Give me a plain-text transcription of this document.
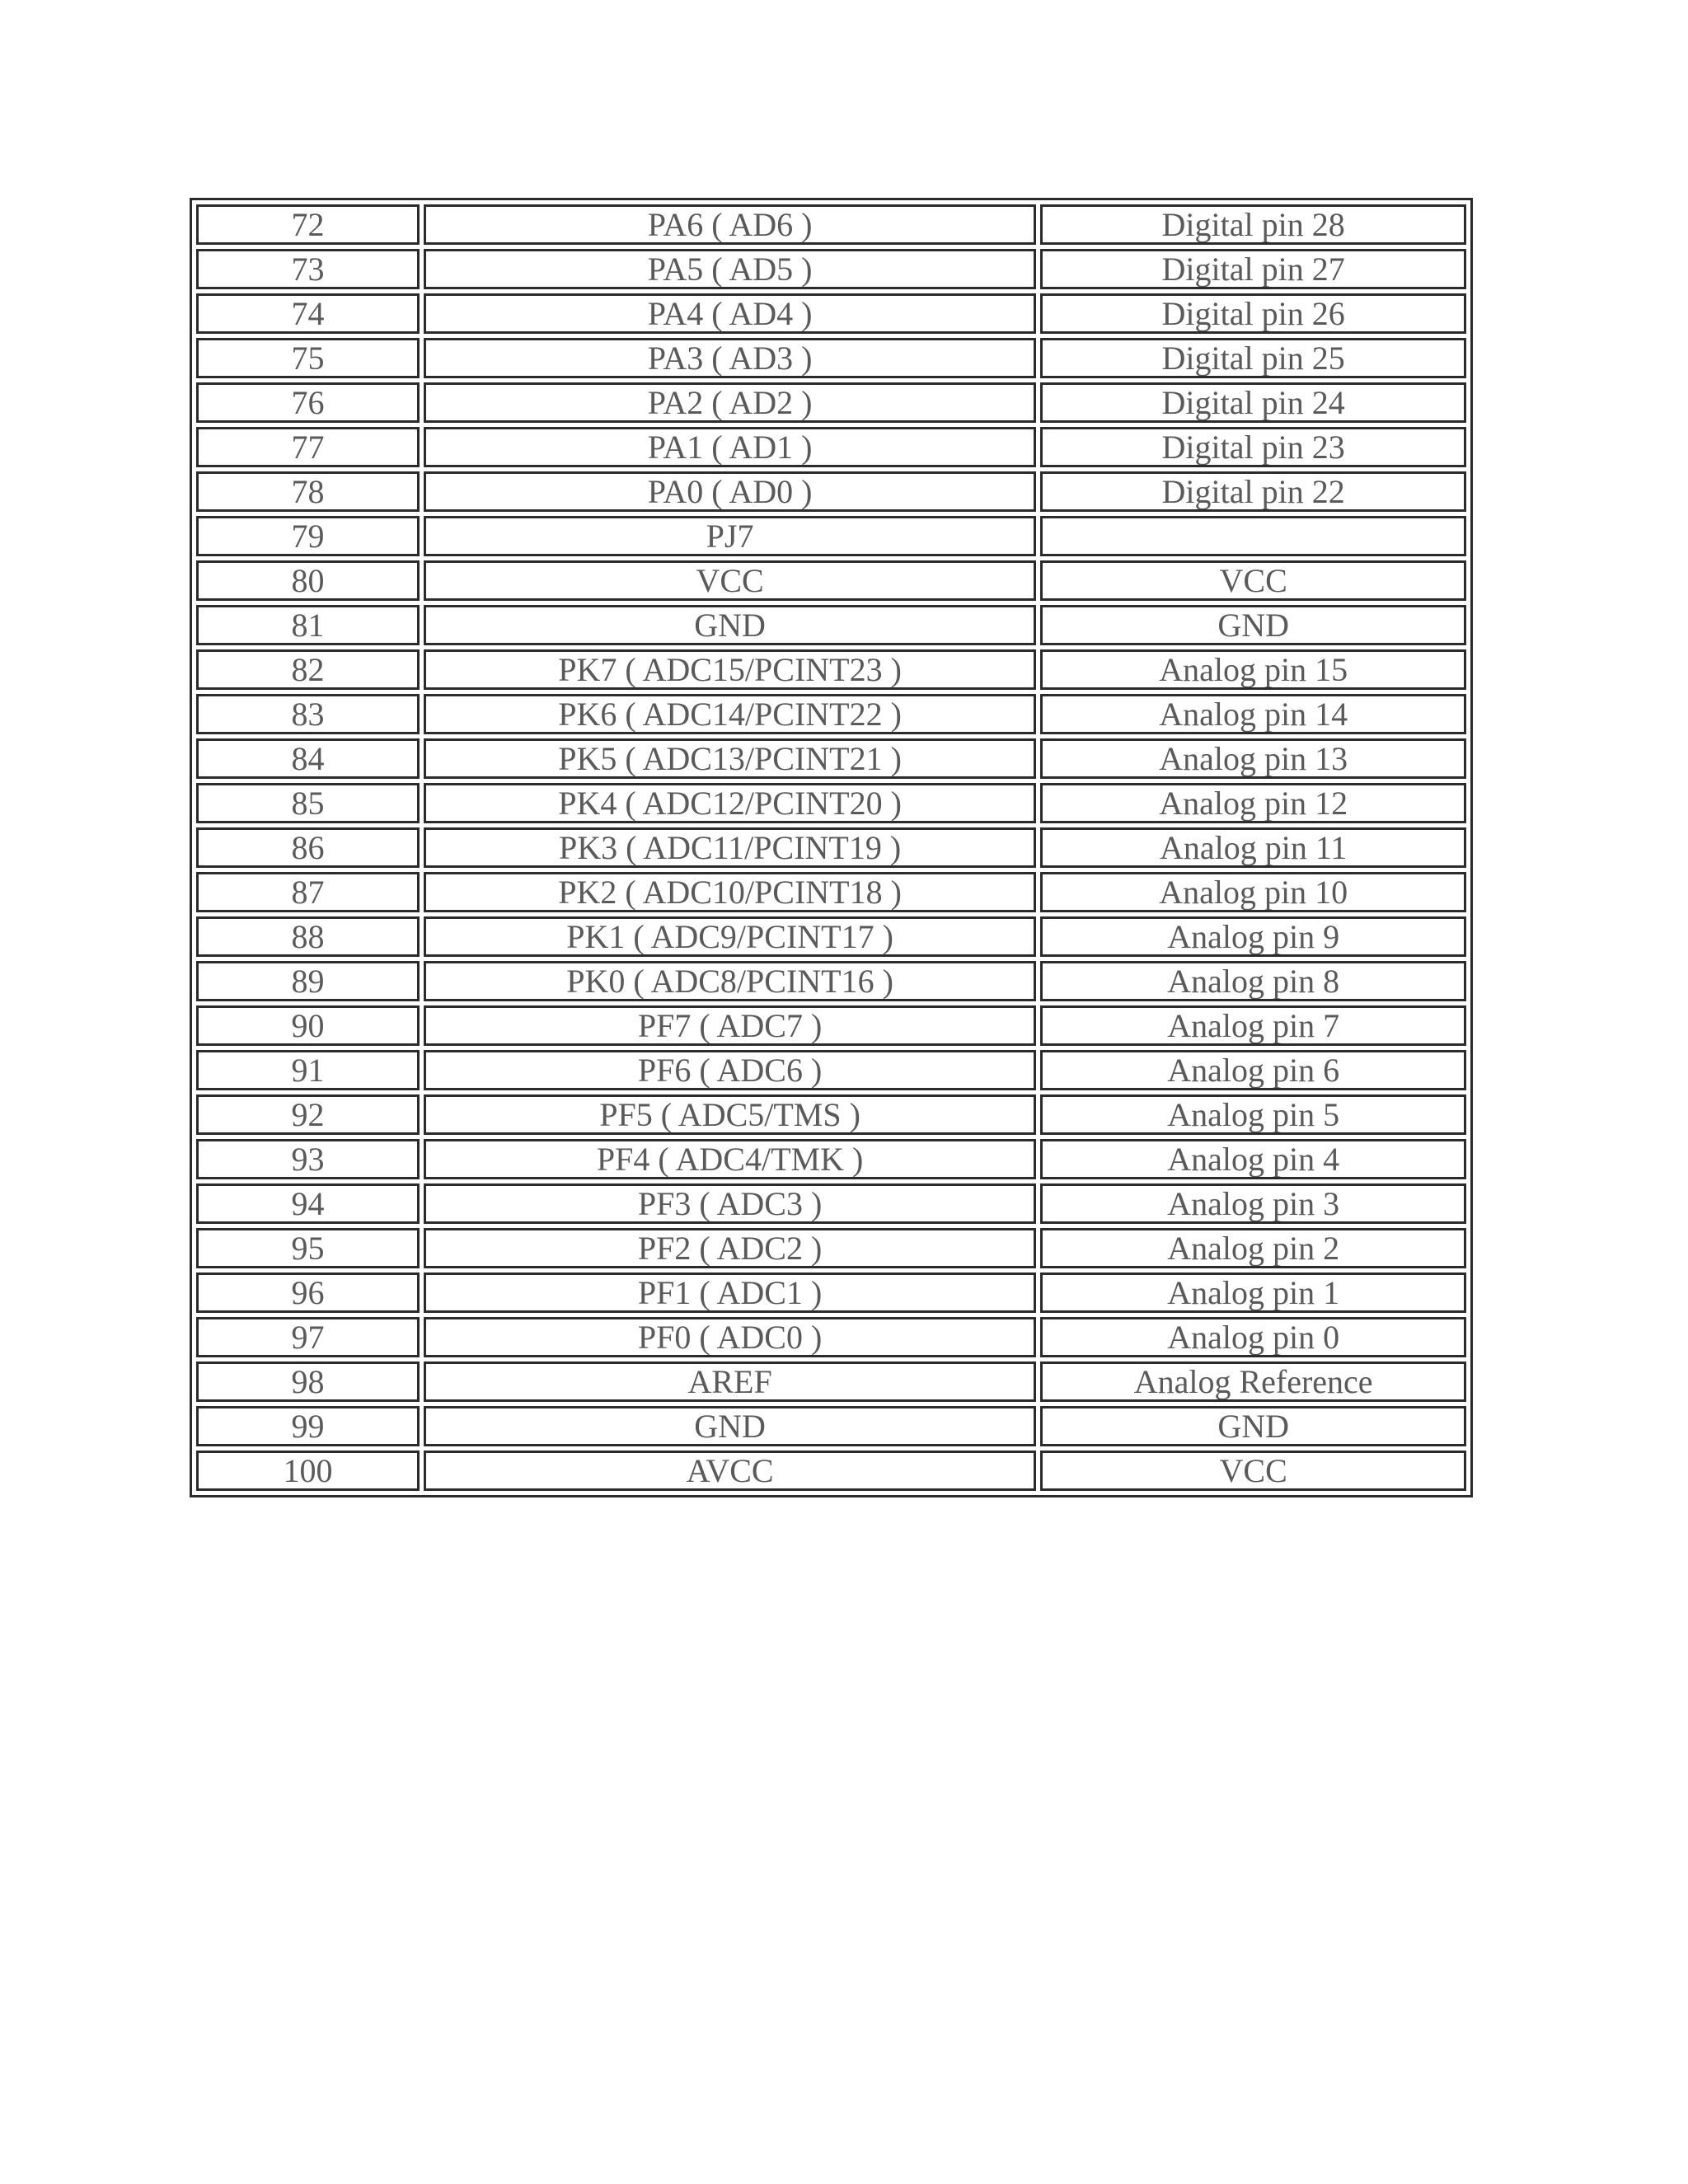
72	PA6 ( AD6 )	Digital pin 28
73	PA5 ( AD5 )	Digital pin 27
74	PA4 ( AD4 )	Digital pin 26
75	PA3 ( AD3 )	Digital pin 25
76	PA2 ( AD2 )	Digital pin 24
77	PA1 ( AD1 )	Digital pin 23
78	PA0 ( AD0 )	Digital pin 22
79	PJ7	
80	VCC	VCC
81	GND	GND
82	PK7 ( ADC15/PCINT23 )	Analog pin 15
83	PK6 ( ADC14/PCINT22 )	Analog pin 14
84	PK5 ( ADC13/PCINT21 )	Analog pin 13
85	PK4 ( ADC12/PCINT20 )	Analog pin 12
86	PK3 ( ADC11/PCINT19 )	Analog pin 11
87	PK2 ( ADC10/PCINT18 )	Analog pin 10
88	PK1 ( ADC9/PCINT17 )	Analog pin 9
89	PK0 ( ADC8/PCINT16 )	Analog pin 8
90	PF7 ( ADC7 )	Analog pin 7
91	PF6 ( ADC6 )	Analog pin 6
92	PF5 ( ADC5/TMS )	Analog pin 5
93	PF4 ( ADC4/TMK )	Analog pin 4
94	PF3 ( ADC3 )	Analog pin 3
95	PF2 ( ADC2 )	Analog pin 2
96	PF1 ( ADC1 )	Analog pin 1
97	PF0 ( ADC0 )	Analog pin 0
98	AREF	Analog Reference
99	GND	GND
100	AVCC	VCC
